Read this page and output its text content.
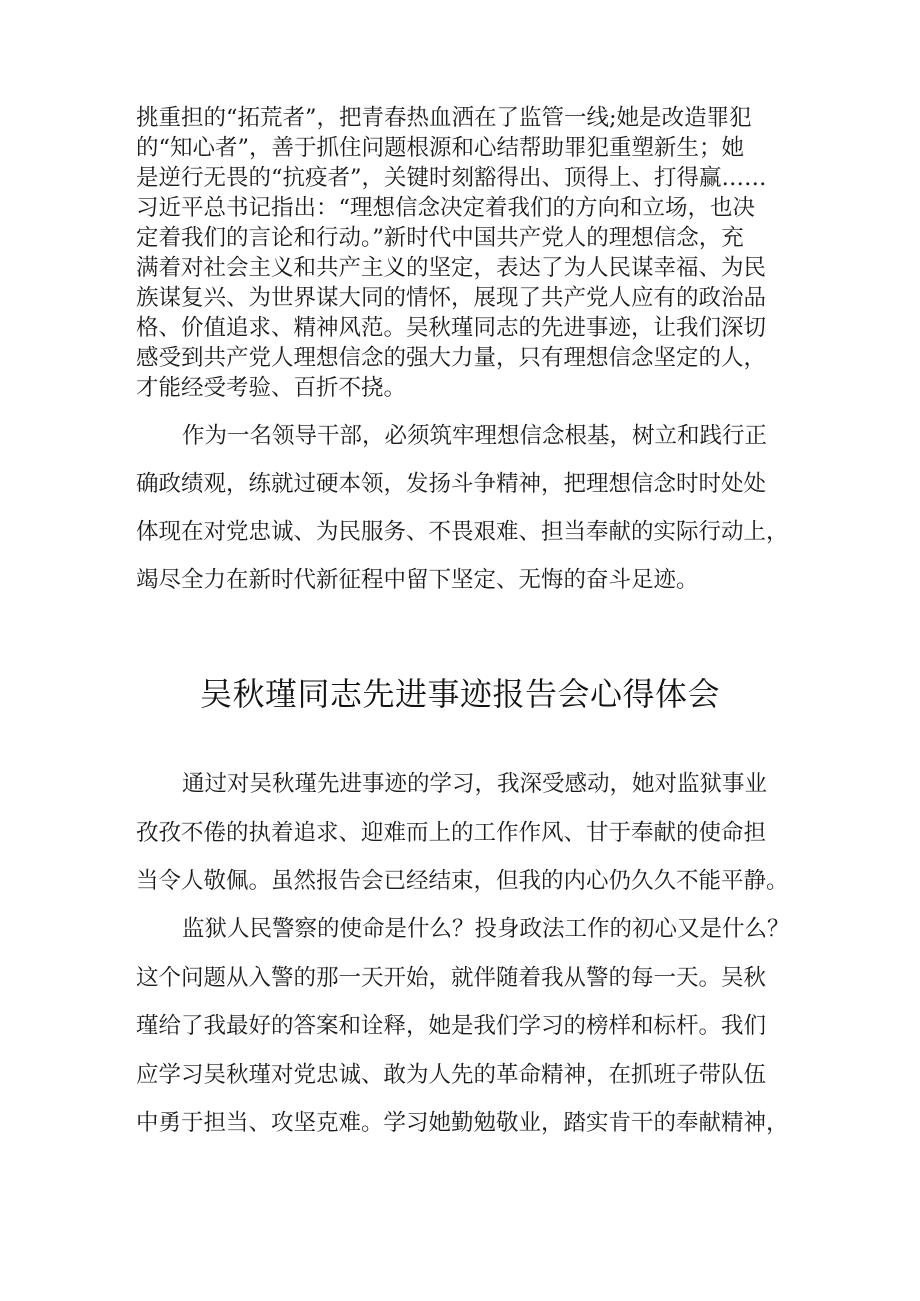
挑重担的“拓荒者”，把青春热血洒在了监管一线;她是改造罪犯
的“知心者”，善于抓住问题根源和心结帮助罪犯重塑新生；她
是逆行无畏的“抗疫者”，关键时刻豁得出、顶得上、打得赢……
习近平总书记指出：“理想信念决定着我们的方向和立场，也决
定着我们的言论和行动。”新时代中国共产党人的理想信念，充
满着对社会主义和共产主义的坚定，表达了为人民谋幸福、为民
族谋复兴、为世界谋大同的情怀，展现了共产党人应有的政治品
格、价值追求、精神风范。吴秋瑾同志的先进事迹，让我们深切
感受到共产党人理想信念的强大力量，只有理想信念坚定的人，
才能经受考验、百折不挠。
作为一名领导干部，必须筑牢理想信念根基，树立和践行正
确政绩观，练就过硬本领，发扬斗争精神，把理想信念时时处处
体现在对党忠诚、为民服务、不畏艰难、担当奉献的实际行动上，
竭尽全力在新时代新征程中留下坚定、无悔的奋斗足迹。
吴秋瑾同志先进事迹报告会心得体会
通过对吴秋瑾先进事迹的学习，我深受感动，她对监狱事业
孜孜不倦的执着追求、迎难而上的工作作风、甘于奉献的使命担
当令人敬佩。虽然报告会已经结束，但我的内心仍久久不能平静。
监狱人民警察的使命是什么？投身政法工作的初心又是什么？
这个问题从入警的那一天开始，就伴随着我从警的每一天。吴秋
瑾给了我最好的答案和诠释，她是我们学习的榜样和标杆。我们
应学习吴秋瑾对党忠诚、敢为人先的革命精神，在抓班子带队伍
中勇于担当、攻坚克难。学习她勤勉敬业，踏实肯干的奉献精神，
